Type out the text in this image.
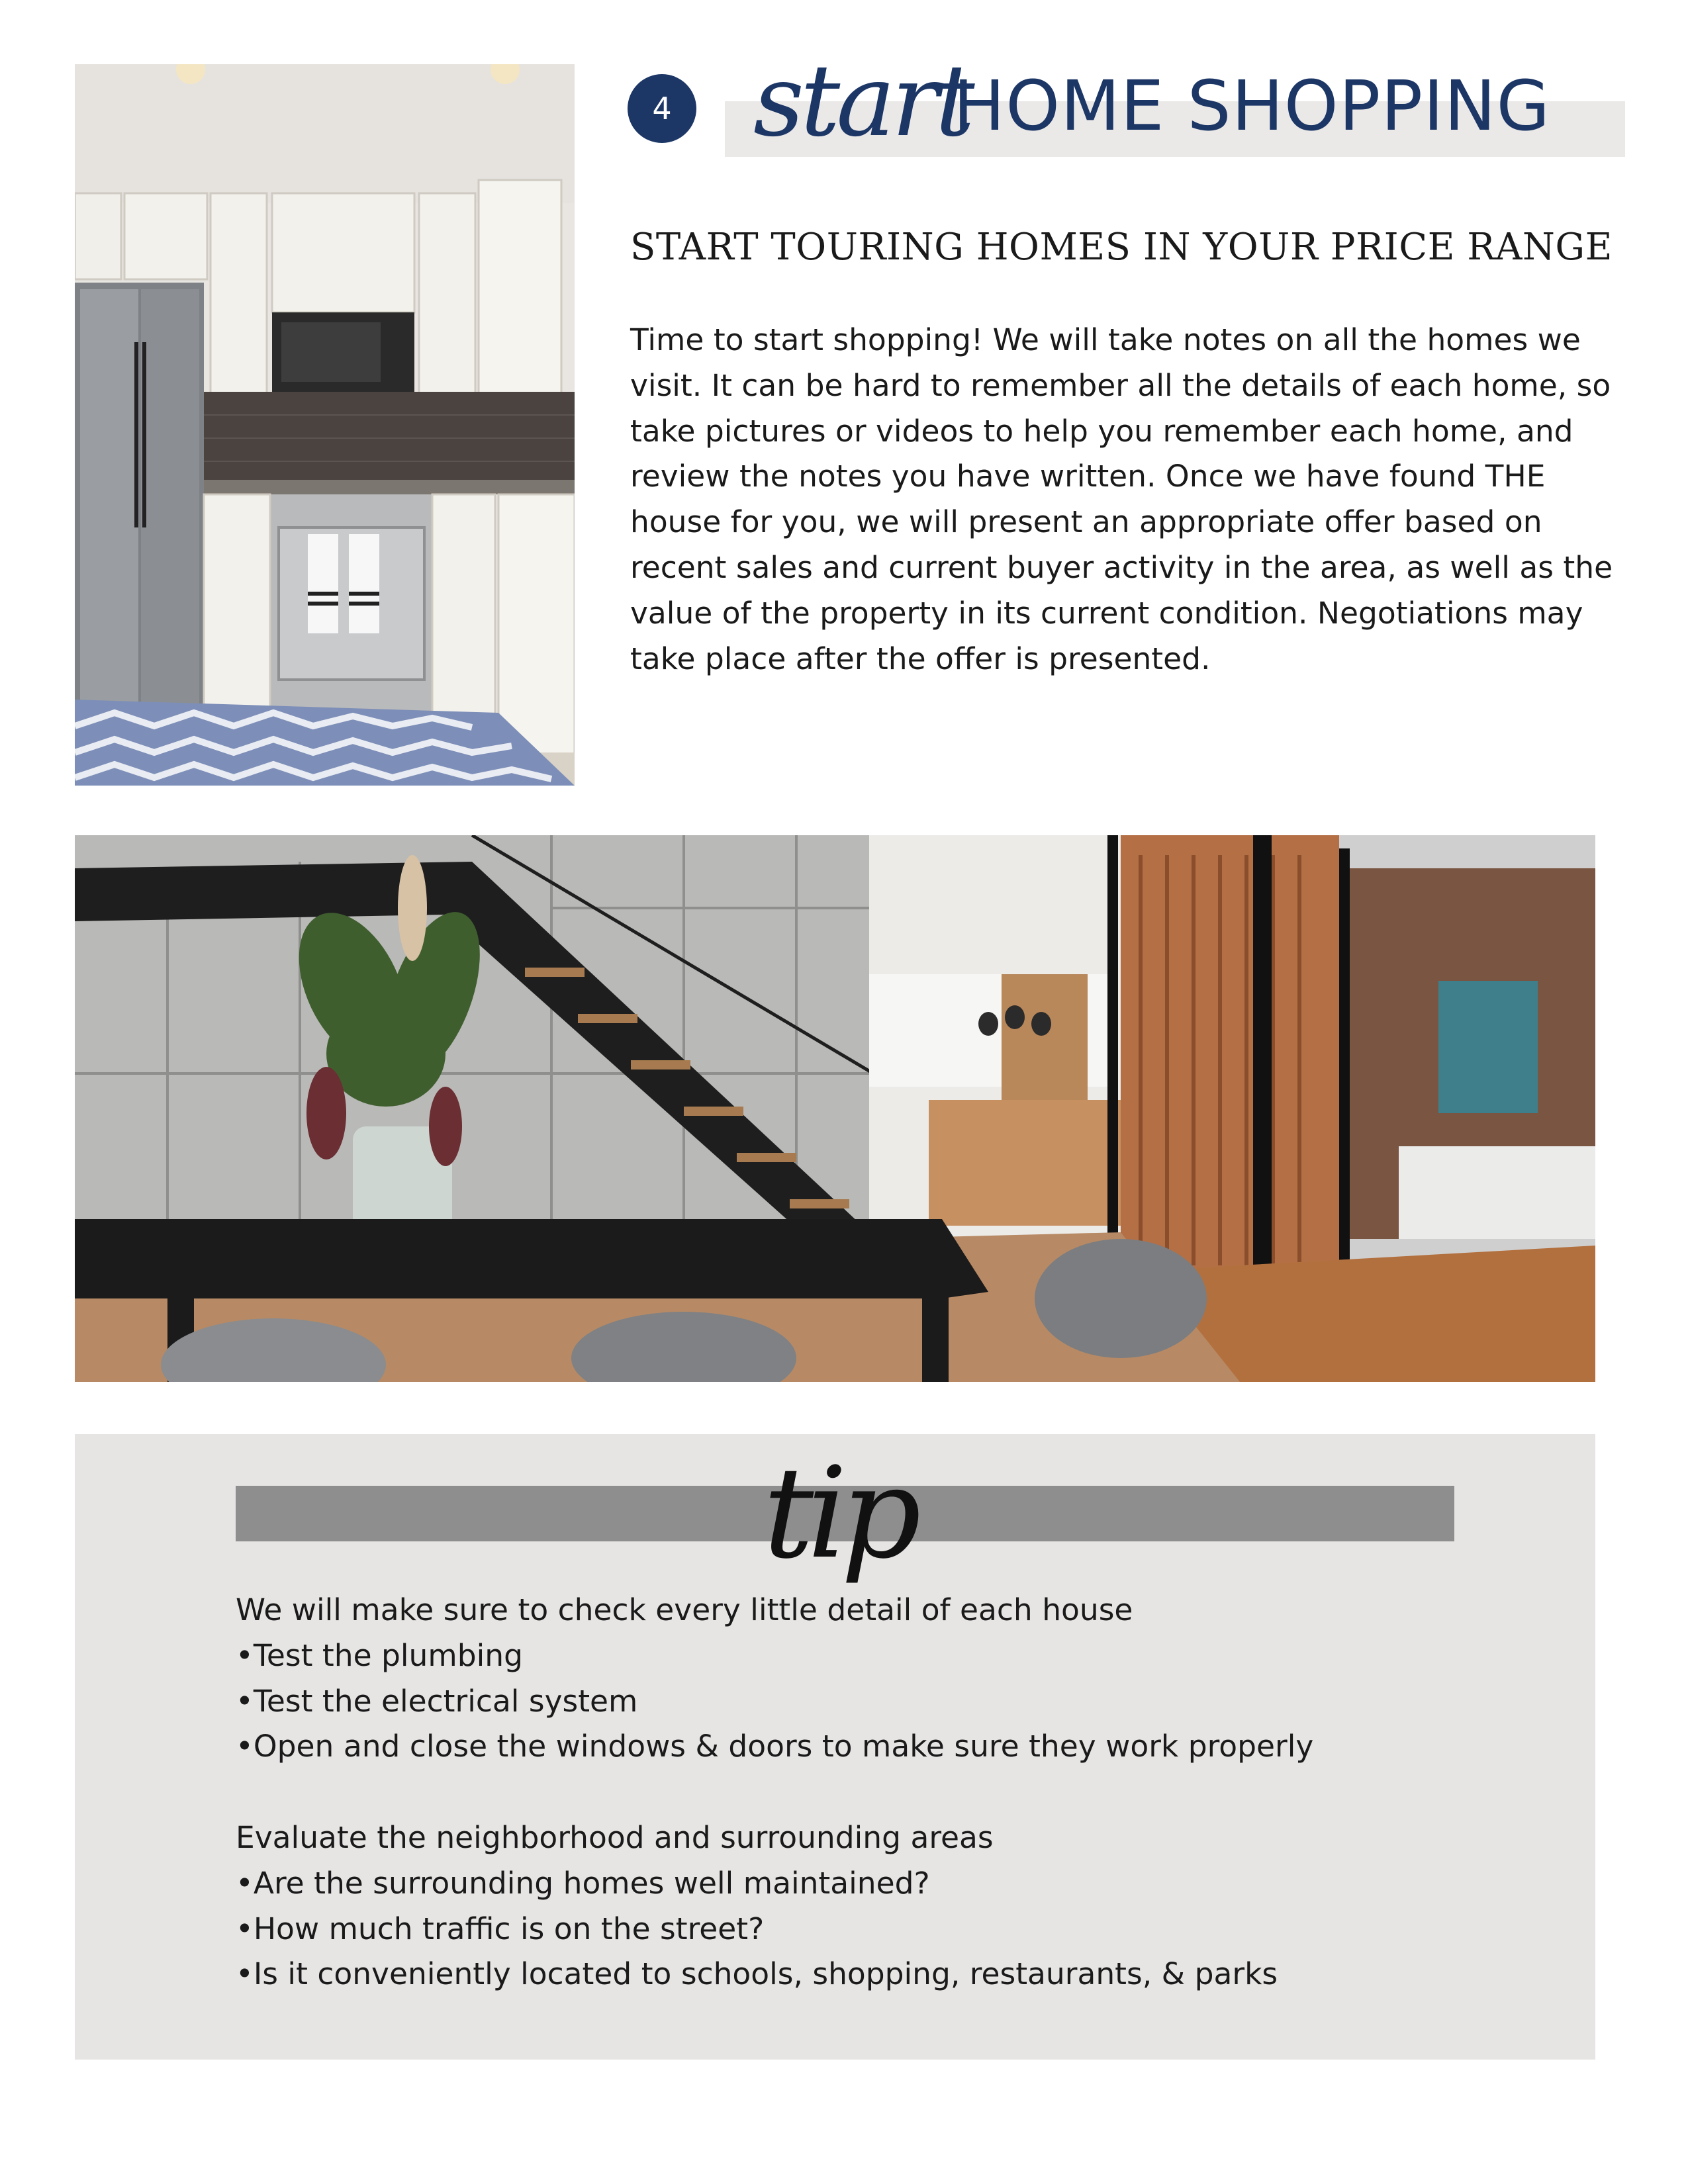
4 start
HOME SHOPPING
START TOURING HOMES IN YOUR PRICE RANGE

Time to start shopping! We will take notes on all the homes we visit. It can be hard to remember all the details of each home, so take pictures or videos to help you remember each home, and review the notes you have written. Once we have found THE house for you, we will present an appropriate offer based on recent sales and current buyer activity in the area, as well as the value of the property in its current condition. Negotiations may take place after the offer is presented.

tip
We will make sure to check every little detail of each house
•Test the plumbing
•Test the electrical system
•Open and close the windows & doors to make sure they work properly
Evaluate the neighborhood and surrounding areas
•Are the surrounding homes well maintained?
•How much traffic is on the street?
•Is it conveniently located to schools, shopping, restaurants, & parks
